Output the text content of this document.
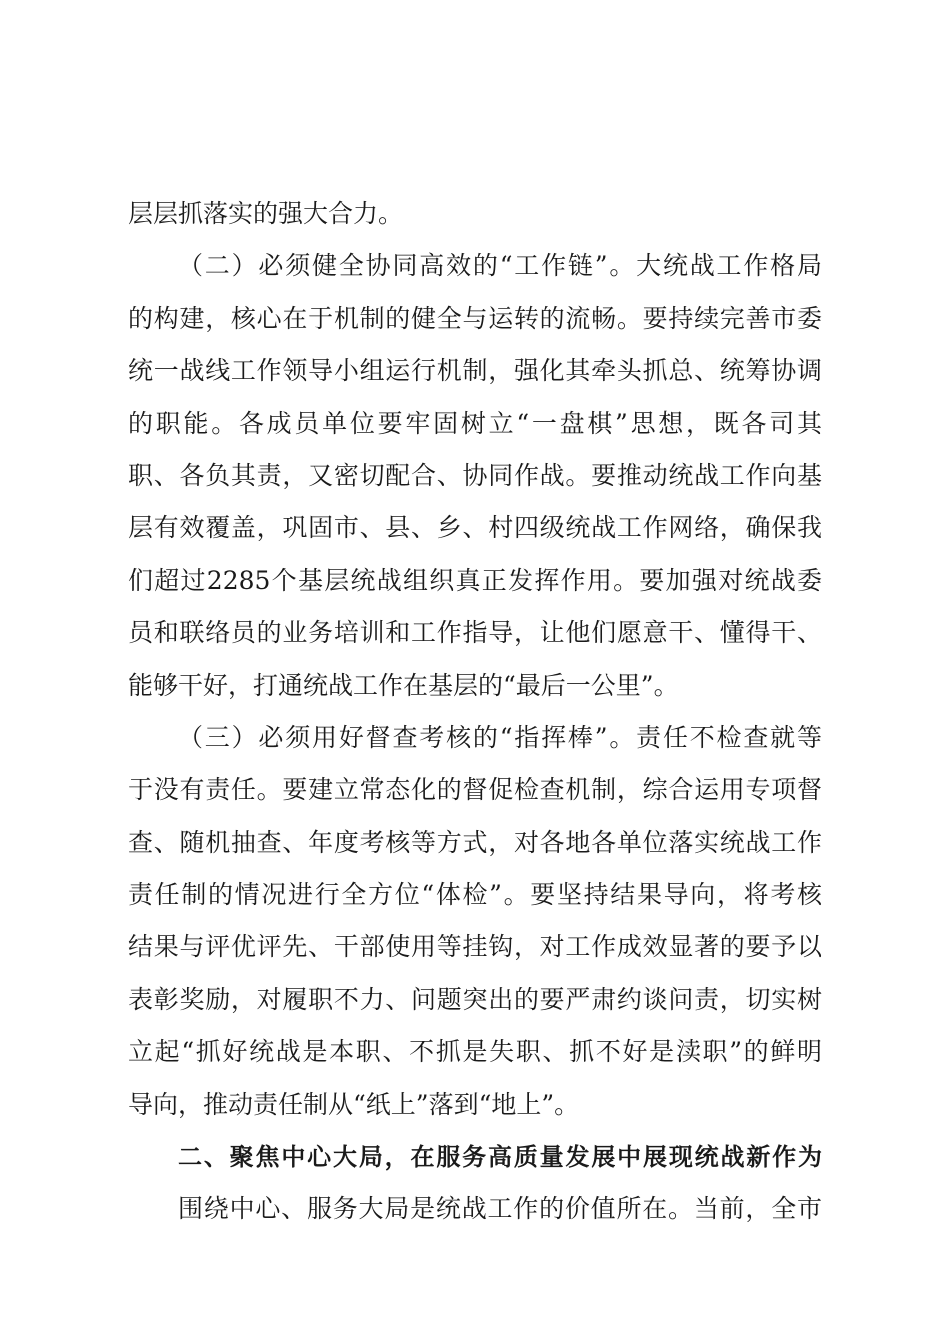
层层抓落实的强大合力。
（二）必须健全协同高效的“工作链”。大统战工作格局
的构建，核心在于机制的健全与运转的流畅。要持续完善市委
统一战线工作领导小组运行机制，强化其牵头抓总、统筹协调
的职能。各成员单位要牢固树立“一盘棋”思想，既各司其
职、各负其责，又密切配合、协同作战。要推动统战工作向基
层有效覆盖，巩固市、县、乡、村四级统战工作网络，确保我
们超过2285个基层统战组织真正发挥作用。要加强对统战委
员和联络员的业务培训和工作指导，让他们愿意干、懂得干、
能够干好，打通统战工作在基层的“最后一公里”。
（三）必须用好督查考核的“指挥棒”。责任不检查就等
于没有责任。要建立常态化的督促检查机制，综合运用专项督
查、随机抽查、年度考核等方式，对各地各单位落实统战工作
责任制的情况进行全方位“体检”。要坚持结果导向，将考核
结果与评优评先、干部使用等挂钩，对工作成效显著的要予以
表彰奖励，对履职不力、问题突出的要严肃约谈问责，切实树
立起“抓好统战是本职、不抓是失职、抓不好是渎职”的鲜明
导向，推动责任制从“纸上”落到“地上”。
二、聚焦中心大局，在服务高质量发展中展现统战新作为
围绕中心、服务大局是统战工作的价值所在。当前，全市
